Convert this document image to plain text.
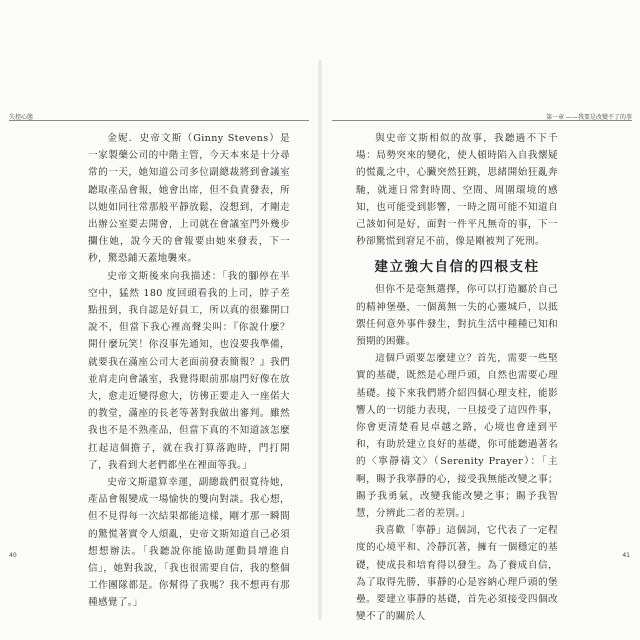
失控心態

金妮．史帝文斯（Ginny Stevens）是一家製藥公司的中階主管，今天本來是十分尋常的一天，她知道公司多位副總裁將到會議室聽取產品會報，她會出席，但不負責發表，所以她如同往常那般平靜放鬆，沒想到，才剛走出辦公室要去開會，上司就在會議室門外幾步攔住她，說今天的會報要由她來發表，下一秒，驚恐鋪天蓋地襲來。

史帝文斯後來向我描述：「我的腳停在半空中，猛然 180 度回頭看我的上司，脖子差點扭到，我自認是好員工，所以真的很難開口說不，但當下我心裡高聲尖叫：『你說什麼？開什麼玩笑！你沒事先通知，也沒要我準備，就要我在滿座公司大老面前發表簡報？』我們並肩走向會議室，我覺得眼前那扇門好像在放大，愈走近變得愈大，彷彿正要走入一座偌大的教堂，滿座的長老等著對我做出審判。雖然我也不是不熟產品，但當下真的不知道該怎麼扛起這個擔子，就在我打算落跑時，門打開了，我看到大老們都坐在裡面等我。」

史帝文斯還算幸運，副總裁們很寬待她，產品會報變成一場愉快的雙向對談。我心想，但不見得每一次結果都能這樣，剛才那一瞬間的驚慌著實令人煩亂，史帝文斯知道自己必須想想辦法。「我聽說你能協助運動員增進自信」，她對我說，「我也很需要自信，我的整個工作團隊都是。你幫得了我嗎？我不想再有那種感覺了。」

40
第一章 ——我要是改變不了的事

與史帝文斯相似的故事，我聽過不下千場：局勢突來的變化，使人頓時陷入自我懷疑的慌亂之中，心臟突然狂跳，思緒開始狂亂奔馳，就連日常對時間、空間、周圍環境的感知，也可能受到影響，一時之間可能不知道自己該如何是好，面對一件平凡無奇的事，下一秒卻驚慌到窘足不前，像是剛被判了死刑。

建立強大自信的四根支柱

但你不是毫無選擇，你可以打造屬於自己的精神堡壘，一個萬無一失的心靈城戶，以抵禦任何意外事件發生，對抗生活中種種已知和預期的困難。

這個戶頭要怎麼建立？首先，需要一些堅實的基礎，既然是心理戶頭，自然也需要心理基礎。接下來我們將介紹四個心理支柱，能影響人的一切能力表現，一旦接受了這四件事，你會更清楚看見卓越之路，心境也會達到平和，有助於建立良好的基礎，你可能聽過著名的〈寧靜禱文〉（Serenity Prayer）：「主啊，賜予我寧靜的心，接受我無能改變之事；賜予我勇氣，改變我能改變之事；賜予我智慧，分辨此二者的差別。」

我喜歡「寧靜」這個詞，它代表了一定程度的心境平和、冷靜沉著，擁有一個穩定的基礎，使成長和培育得以發生。為了養成自信，為了取得先勝，事靜的心是容納心理戶頭的堡壘。要建立事靜的基礎，首先必須接受四個改變不了的關於人

41
